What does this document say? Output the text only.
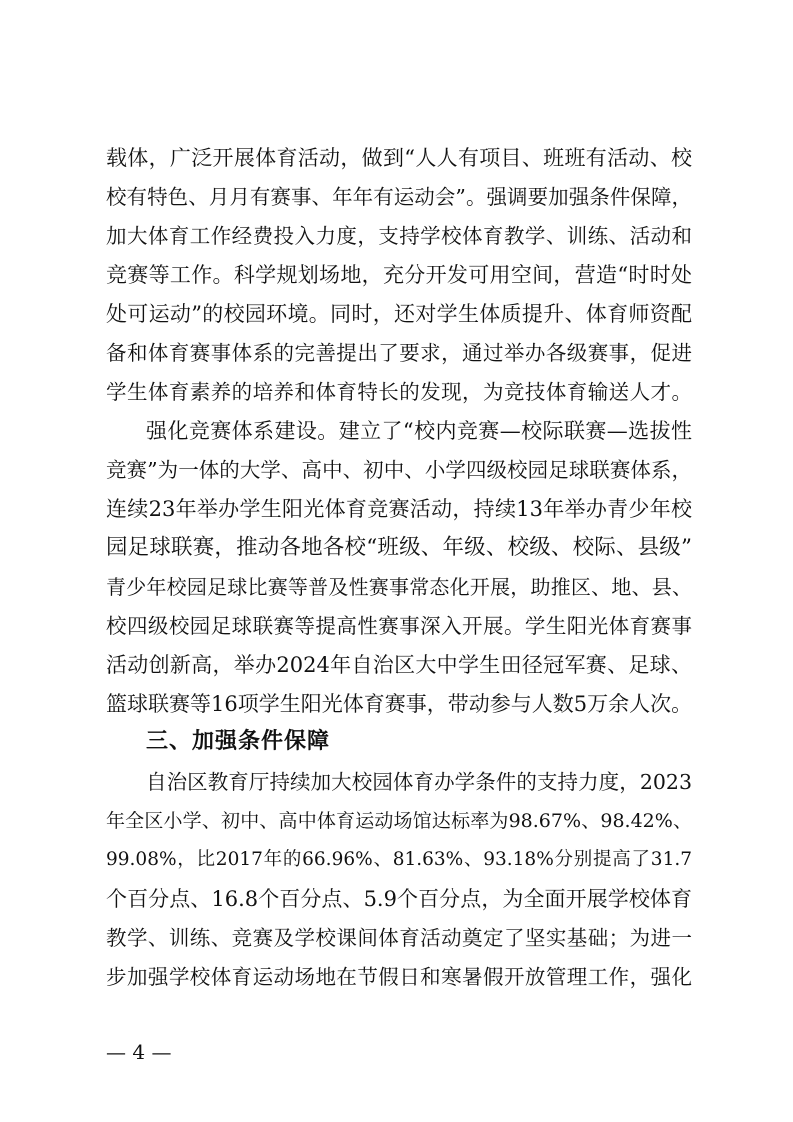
载体，广泛开展体育活动，做到“人人有项目、班班有活动、校
校有特色、月月有赛事、年年有运动会”。强调要加强条件保障，
加大体育工作经费投入力度，支持学校体育教学、训练、活动和
竞赛等工作。科学规划场地，充分开发可用空间，营造“时时处
处可运动”的校园环境。同时，还对学生体质提升、体育师资配
备和体育赛事体系的完善提出了要求，通过举办各级赛事，促进
学生体育素养的培养和体育特长的发现，为竞技体育输送人才。
强化竞赛体系建设。建立了“校内竞赛—校际联赛—选拔性
竞赛”为一体的大学、高中、初中、小学四级校园足球联赛体系，
连续23年举办学生阳光体育竞赛活动，持续13年举办青少年校
园足球联赛，推动各地各校“班级、年级、校级、校际、县级”
青少年校园足球比赛等普及性赛事常态化开展，助推区、地、县、
校四级校园足球联赛等提高性赛事深入开展。学生阳光体育赛事
活动创新高，举办2024年自治区大中学生田径冠军赛、足球、
篮球联赛等16项学生阳光体育赛事，带动参与人数5万余人次。
三、加强条件保障
自治区教育厅持续加大校园体育办学条件的支持力度，2023
年全区小学、初中、高中体育运动场馆达标率为98.67%、98.42%、
99.08%，比2017年的66.96%、81.63%、93.18%分别提高了31.7
个百分点、16.8个百分点、5.9个百分点，为全面开展学校体育
教学、训练、竞赛及学校课间体育活动奠定了坚实基础；为进一
步加强学校体育运动场地在节假日和寒暑假开放管理工作，强化
— 4 —
